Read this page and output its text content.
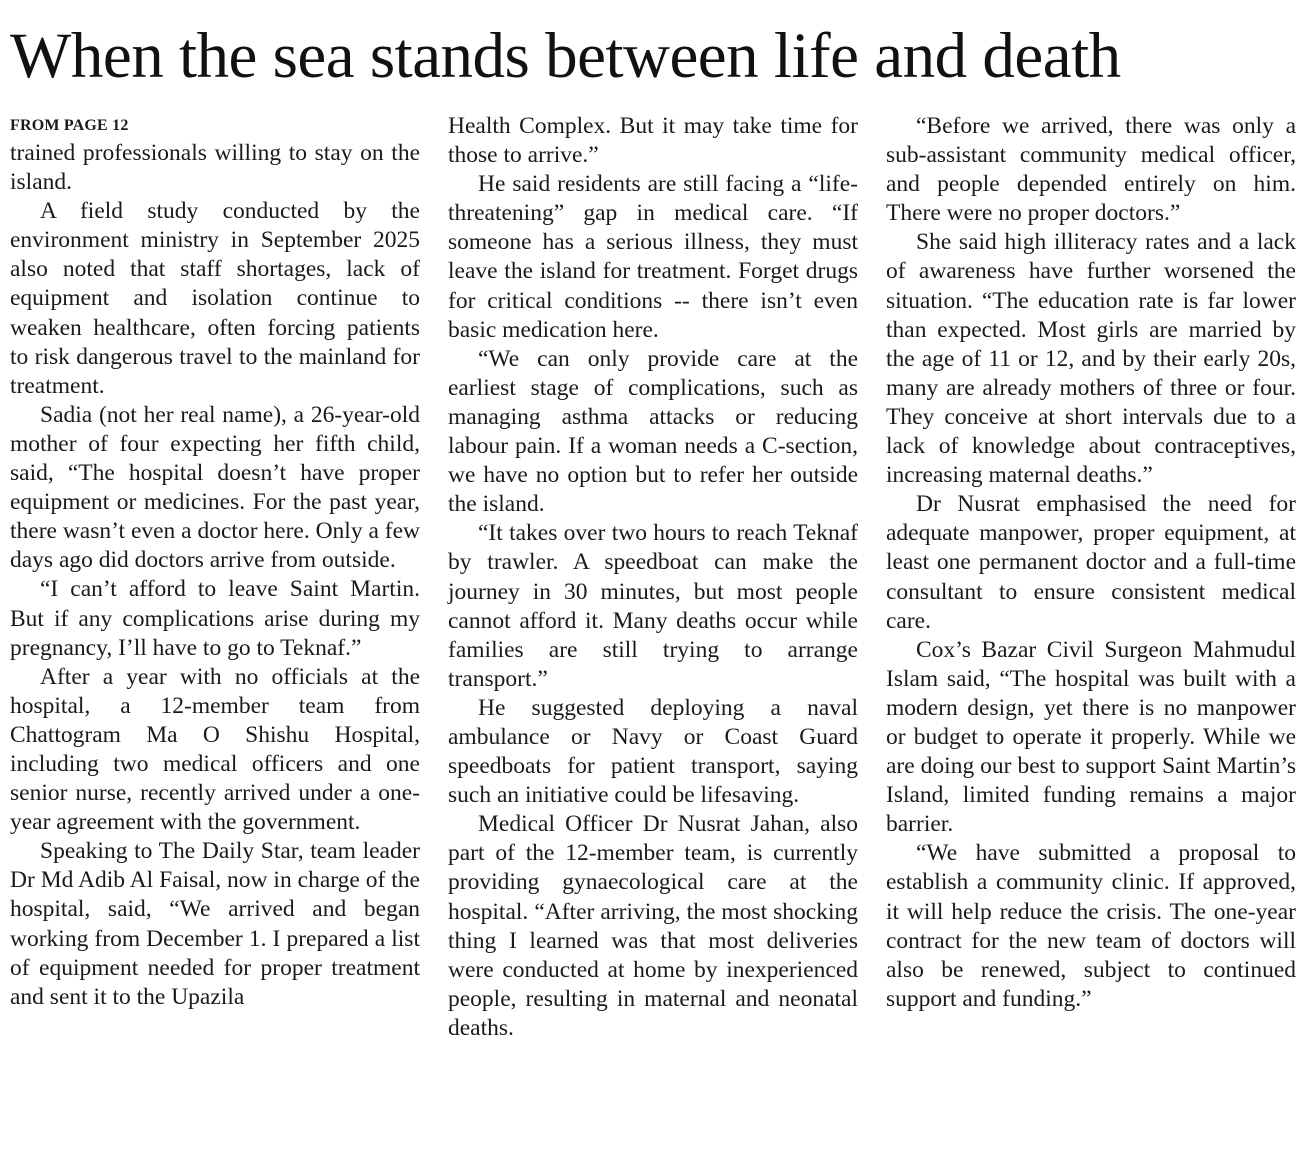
When the sea stands between life and death
FROM PAGE 12

trained professionals willing to stay on the island.

A field study conducted by the environment ministry in September 2025 also noted that staff shortages, lack of equipment and isolation continue to weaken healthcare, often forcing patients to risk dangerous travel to the mainland for treatment.

Sadia (not her real name), a 26-year-old mother of four expecting her fifth child, said, “The hospital doesn’t have proper equipment or medicines. For the past year, there wasn’t even a doctor here. Only a few days ago did doctors arrive from outside.

“I can’t afford to leave Saint Martin. But if any complications arise during my pregnancy, I’ll have to go to Teknaf.”

After a year with no officials at the hospital, a 12-member team from Chattogram Ma O Shishu Hospital, including two medical officers and one senior nurse, recently arrived under a one-year agreement with the government.

Speaking to The Daily Star, team leader Dr Md Adib Al Faisal, now in charge of the hospital, said, “We arrived and began working from December 1. I prepared a list of equipment needed for proper treatment and sent it to the Upazila

Health Complex. But it may take time for those to arrive.”

He said residents are still facing a “life-threatening” gap in medical care. “If someone has a serious illness, they must leave the island for treatment. Forget drugs for critical conditions -- there isn’t even basic medication here.

“We can only provide care at the earliest stage of complications, such as managing asthma attacks or reducing labour pain. If a woman needs a C-section, we have no option but to refer her outside the island.

“It takes over two hours to reach Teknaf by trawler. A speedboat can make the journey in 30 minutes, but most people cannot afford it. Many deaths occur while families are still trying to arrange transport.”

He suggested deploying a naval ambulance or Navy or Coast Guard speedboats for patient transport, saying such an initiative could be lifesaving.

Medical Officer Dr Nusrat Jahan, also part of the 12-member team, is currently providing gynaecological care at the hospital. “After arriving, the most shocking thing I learned was that most deliveries were conducted at home by inexperienced people, resulting in maternal and neonatal deaths.

“Before we arrived, there was only a sub-assistant community medical officer, and people depended entirely on him. There were no proper doctors.”

She said high illiteracy rates and a lack of awareness have further worsened the situation. “The education rate is far lower than expected. Most girls are married by the age of 11 or 12, and by their early 20s, many are already mothers of three or four. They conceive at short intervals due to a lack of knowledge about contraceptives, increasing maternal deaths.”

Dr Nusrat emphasised the need for adequate manpower, proper equipment, at least one permanent doctor and a full-time consultant to ensure consistent medical care.

Cox’s Bazar Civil Surgeon Mahmudul Islam said, “The hospital was built with a modern design, yet there is no manpower or budget to operate it properly. While we are doing our best to support Saint Martin’s Island, limited funding remains a major barrier.

“We have submitted a proposal to establish a community clinic. If approved, it will help reduce the crisis. The one-year contract for the new team of doctors will also be renewed, subject to continued support and funding.”
